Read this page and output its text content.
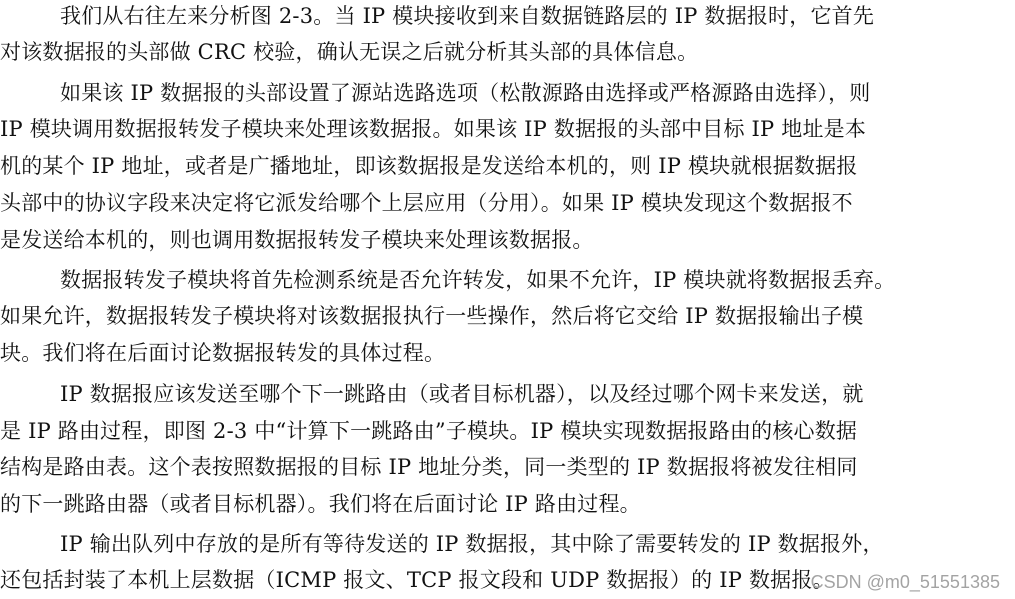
我们从右往左来分析图 2-3。当 IP 模块接收到来自数据链路层的 IP 数据报时，它首先
对该数据报的头部做 CRC 校验，确认无误之后就分析其头部的具体信息。
如果该 IP 数据报的头部设置了源站选路选项（松散源路由选择或严格源路由选择），则
IP 模块调用数据报转发子模块来处理该数据报。如果该 IP 数据报的头部中目标 IP 地址是本
机的某个 IP 地址，或者是广播地址，即该数据报是发送给本机的，则 IP 模块就根据数据报
头部中的协议字段来决定将它派发给哪个上层应用（分用）。如果 IP 模块发现这个数据报不
是发送给本机的，则也调用数据报转发子模块来处理该数据报。
数据报转发子模块将首先检测系统是否允许转发，如果不允许，IP 模块就将数据报丢弃。
如果允许，数据报转发子模块将对该数据报执行一些操作，然后将它交给 IP 数据报输出子模
块。我们将在后面讨论数据报转发的具体过程。
IP 数据报应该发送至哪个下一跳路由（或者目标机器），以及经过哪个网卡来发送，就
是 IP 路由过程，即图 2-3 中“计算下一跳路由”子模块。IP 模块实现数据报路由的核心数据
结构是路由表。这个表按照数据报的目标 IP 地址分类，同一类型的 IP 数据报将被发往相同
的下一跳路由器（或者目标机器）。我们将在后面讨论 IP 路由过程。
IP 输出队列中存放的是所有等待发送的 IP 数据报，其中除了需要转发的 IP 数据报外，
还包括封装了本机上层数据（ICMP 报文、TCP 报文段和 UDP 数据报）的 IP 数据报。
CSDN @m0_51551385
